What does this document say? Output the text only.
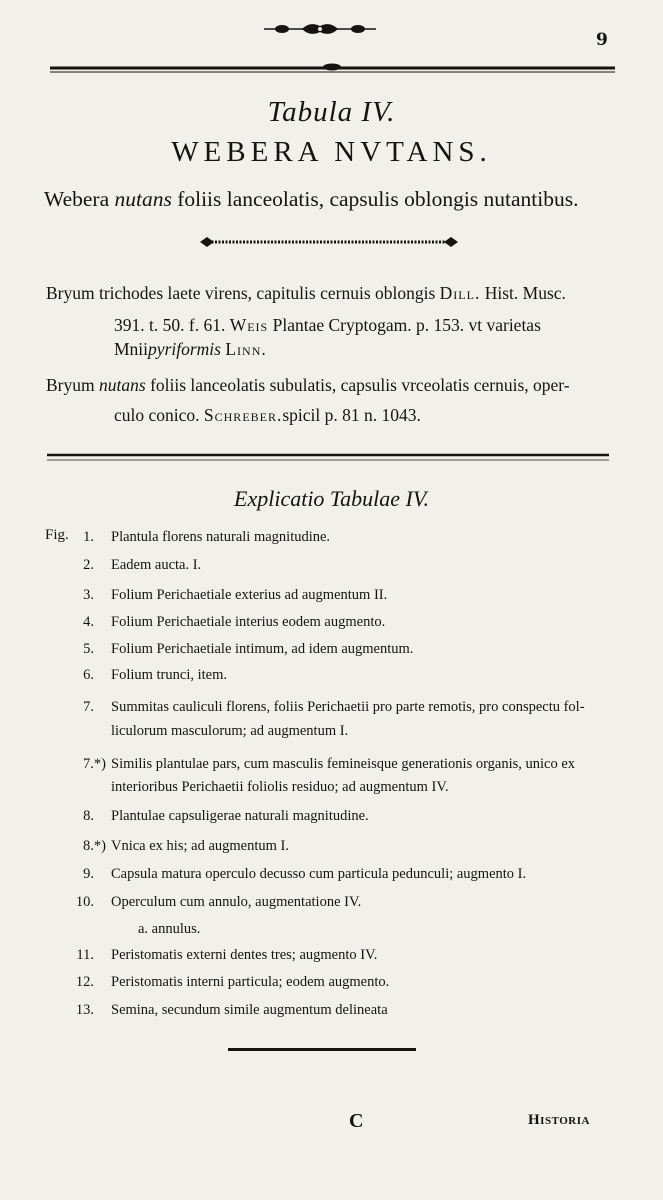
9
Tabula IV.
WEBERA NVTANS.
Webera nutans foliis lanceolatis, capsulis oblongis nutantibus.
Bryum trichodes laete virens, capitulis cernuis oblongis Dill. Hist. Musc.
391. t. 50. f. 61. Weis Plantae Cryptogam. p. 153. vt varietas
Mniipyriformis Linn.
Bryum nutans foliis lanceolatis subulatis, capsulis vrceolatis cernuis, oper-
culo conico. Schreber.spicil p. 81 n. 1043.
Explicatio Tabulae IV.
Fig. 1. Plantula florens naturali magnitudine.
2. Eadem aucta. I.
3. Folium Perichaetiale exterius ad augmentum II.
4. Folium Perichaetiale interius eodem augmento.
5. Folium Perichaetiale intimum, ad idem augmentum.
6. Folium trunci, item.
7. Summitas cauliculi florens, foliis Perichaetii pro parte remotis, pro conspectu fol-
liculorum masculorum; ad augmentum I.
7.*) Similis plantulae pars, cum masculis femineisque generationis organis, unico ex
interioribus Perichaetii foliolis residuo; ad augmentum IV.
8. Plantulae capsuligerae naturali magnitudine.
8.*) Vnica ex his; ad augmentum I.
9. Capsula matura operculo decusso cum particula pedunculi; augmento I.
10. Operculum cum annulo, augmentatione IV.
a. annulus.
11. Peristomatis externi dentes tres; augmento IV.
12. Peristomatis interni particula; eodem augmento.
13. Semina, secundum simile augmentum delineata
C	Historia
